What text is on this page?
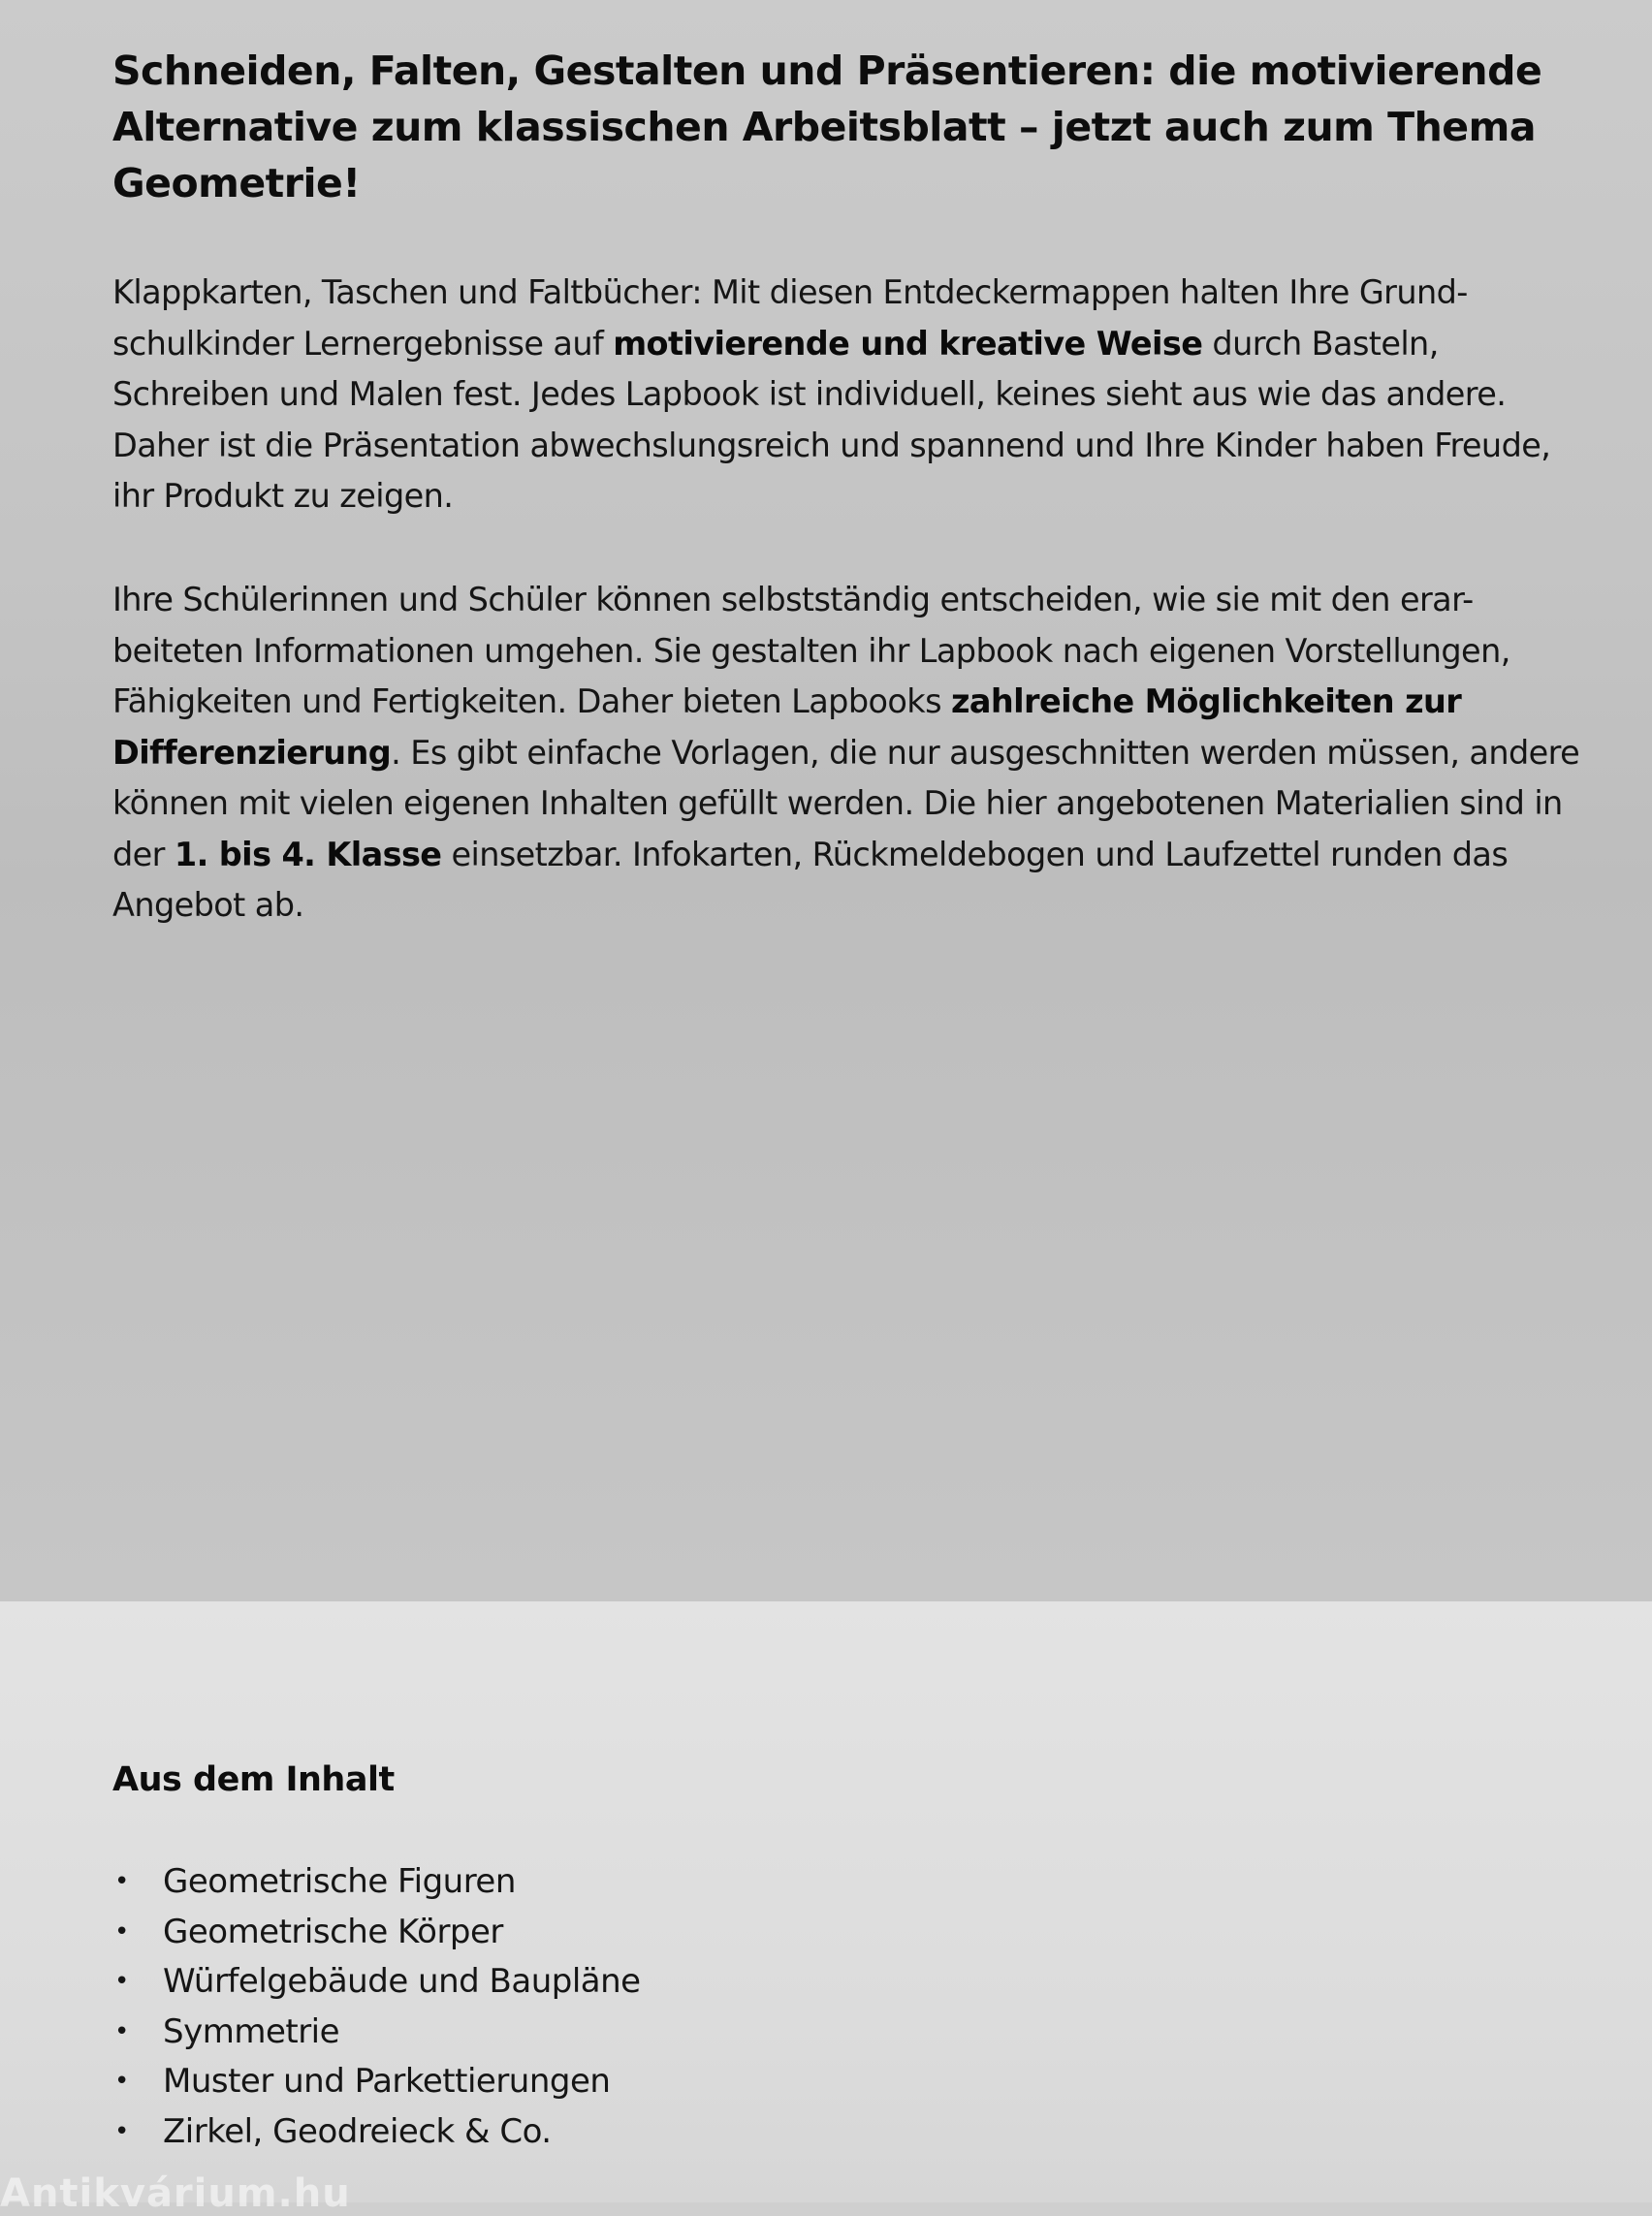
Schneiden, Falten, Gestalten und Präsentieren: die motivierende Alternative zum klassischen Arbeitsblatt – jetzt auch zum Thema Geometrie!

Klappkarten, Taschen und Faltbücher: Mit diesen Entdeckermappen halten Ihre Grund-schulkinder Lernergebnisse auf motivierende und kreative Weise durch Basteln, Schreiben und Malen fest. Jedes Lapbook ist individuell, keines sieht aus wie das andere. Daher ist die Präsentation abwechslungsreich und spannend und Ihre Kinder haben Freude, ihr Produkt zu zeigen.

Ihre Schülerinnen und Schüler können selbstständig entscheiden, wie sie mit den erar-beiteten Informationen umgehen. Sie gestalten ihr Lapbook nach eigenen Vorstellungen, Fähigkeiten und Fertigkeiten. Daher bieten Lapbooks zahlreiche Möglichkeiten zur Differenzierung. Es gibt einfache Vorlagen, die nur ausgeschnitten werden müssen, andere können mit vielen eigenen Inhalten gefüllt werden. Die hier angebotenen Materialien sind in der 1. bis 4. Klasse einsetzbar. Infokarten, Rückmeldebogen und Laufzettel runden das Angebot ab.

Aus dem Inhalt
• Geometrische Figuren
• Geometrische Körper
• Würfelgebäude und Baupläne
• Symmetrie
• Muster und Parkettierungen
• Zirkel, Geodreieck & Co.
Antikvárium.hu
